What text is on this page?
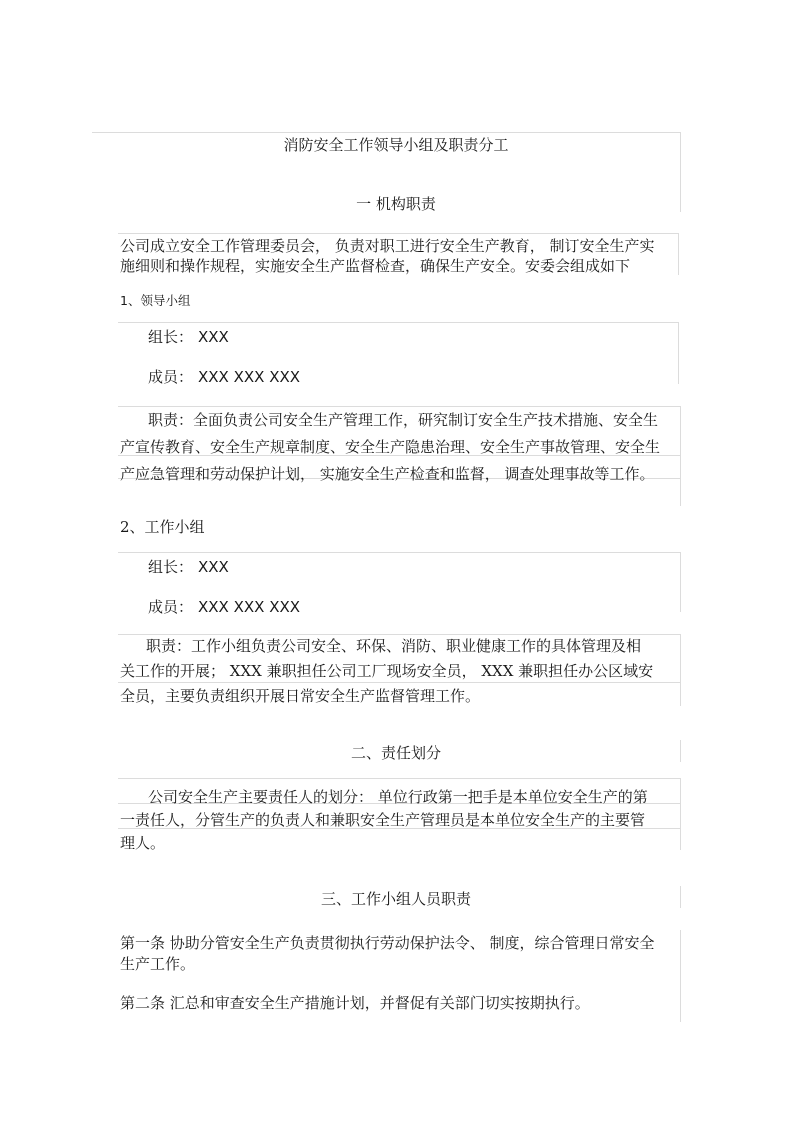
消防安全工作领导小组及职责分工
一 机构职责
公司成立安全工作管理委员会， 负责对职工进行安全生产教育， 制订安全生产实
施细则和操作规程，实施安全生产监督检查，确保生产安全。安委会组成如下
1、领导小组
组长： XXX
成员： XXX XXX XXX
职责：全面负责公司安全生产管理工作，研究制订安全生产技术措施、安全生
产宣传教育、安全生产规章制度、安全生产隐患治理、安全生产事故管理、安全生
产应急管理和劳动保护计划， 实施安全生产检查和监督， 调查处理事故等工作。
2、工作小组
组长： XXX
成员： XXX XXX XXX
职责：工作小组负责公司安全、环保、消防、职业健康工作的具体管理及相
关工作的开展； XXX 兼职担任公司工厂现场安全员， XXX 兼职担任办公区域安
全员，主要负责组织开展日常安全生产监督管理工作。
二、责任划分
公司安全生产主要责任人的划分： 单位行政第一把手是本单位安全生产的第
一责任人，分管生产的负责人和兼职安全生产管理员是本单位安全生产的主要管
理人。
三、工作小组人员职责
第一条 协助分管安全生产负责贯彻执行劳动保护法令、 制度，综合管理日常安全
生产工作。
第二条 汇总和审查安全生产措施计划，并督促有关部门切实按期执行。
